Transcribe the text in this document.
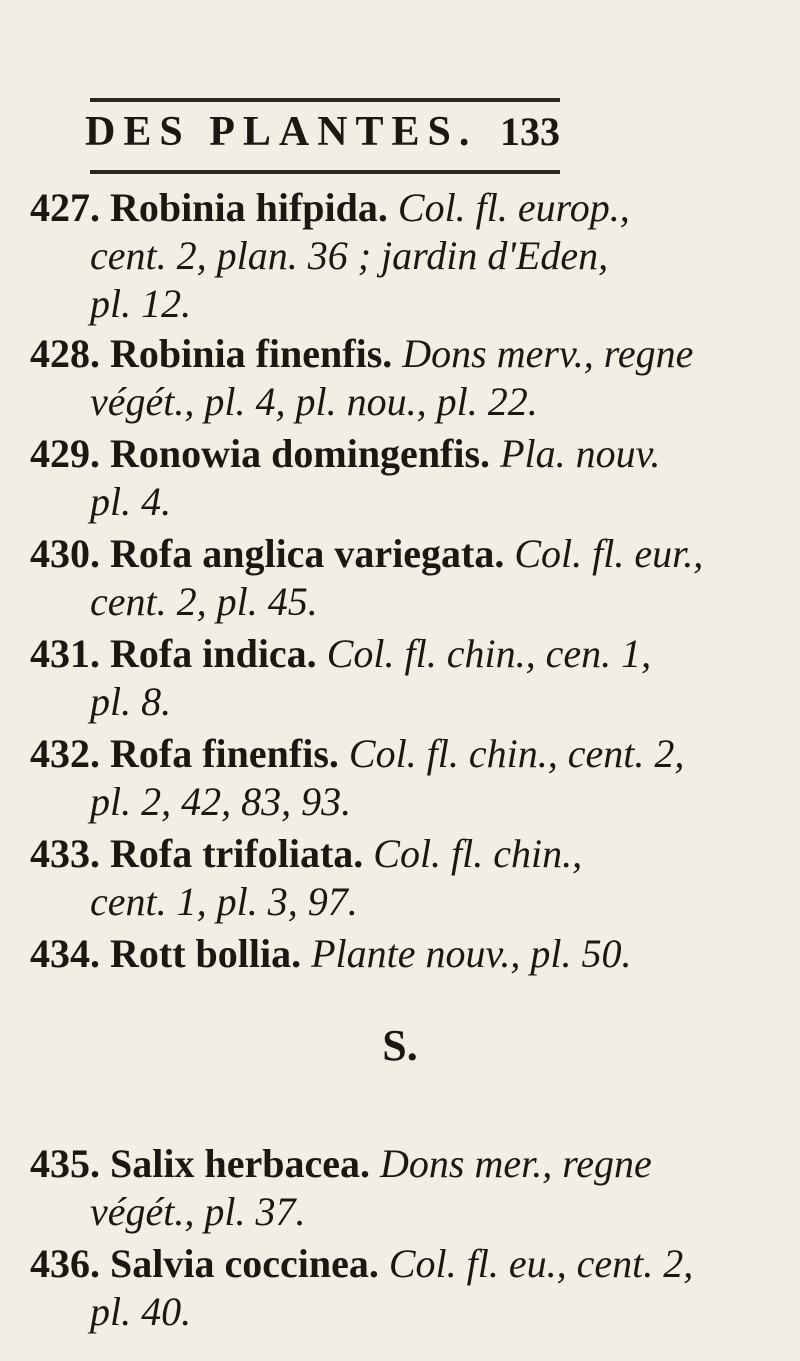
DES PLANTES. 133
427. Robinia hifpida. Col. fl. europ.,
cent. 2, plan. 36 ; jardin d'Eden,
pl. 12.
428. Robinia finenfis. Dons merv., regne
végét., pl. 4, pl. nou., pl. 22.
429. Ronowia domingenfis. Pla. nouv.
pl. 4.
430. Rofa anglica variegata. Col. fl. eur.,
cent. 2, pl. 45.
431. Rofa indica. Col. fl. chin., cen. 1,
pl. 8.
432. Rofa finenfis. Col. fl. chin., cent. 2,
pl. 2, 42, 83, 93.
433. Rofa trifoliata. Col. fl. chin.,
cent. 1, pl. 3, 97.
434. Rott bollia. Plante nouv., pl. 50.
S.
435. Salix herbacea. Dons mer., regne
végét., pl. 37.
436. Salvia coccinea. Col. fl. eu., cent. 2,
pl. 40.
